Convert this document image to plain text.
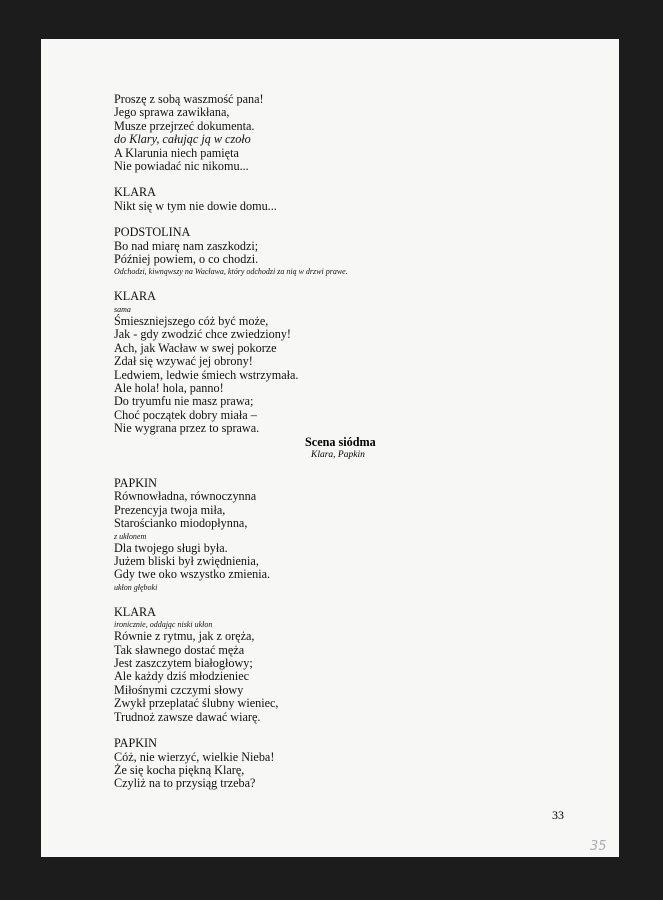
Proszę z sobą waszmość pana!
Jego sprawa zawikłana,
Musze przejrzeć dokumenta.
do Klary, całując ją w czoło
A Klarunia niech pamięta
Nie powiadać nic nikomu...
KLARA
Nikt się w tym nie dowie domu...
PODSTOLINA
Bo nad miarę nam zaszkodzi;
Później powiem, o co chodzi.
Odchodzi, kiwnąwszy na Wacława, który odchodzi za nią w drzwi prawe.
KLARA
sama
Śmieszniejszego cóż być może,
Jak - gdy zwodzić chce zwiedziony!
Ach, jak Wacław w swej pokorze
Zdał się wzywać jej obrony!
Ledwiem, ledwie śmiech wstrzymała.
Ale hola! hola, panno!
Do tryumfu nie masz prawa;
Choć początek dobry miała –
Nie wygrana przez to sprawa.
Scena siódma
Klara, Papkin
PAPKIN
Równowładna, równoczynna
Prezencyja twoja miła,
Starościanko miodopłynna,
z ukłonem
Dla twojego sługi była.
Jużem bliski był zwiędnienia,
Gdy twe oko wszystko zmienia.
ukłon głęboki
KLARA
ironicznie, oddając niski ukłon
Równie z rytmu, jak z oręża,
Tak sławnego dostać męża
Jest zaszczytem białogłowy;
Ale każdy dziś młodzieniec
Miłośnymi czczymi słowy
Zwykł przeplatać ślubny wieniec,
Trudnoż zawsze dawać wiarę.
PAPKIN
Cóż, nie wierzyć, wielkie Nieba!
Że się kocha piękną Klarę,
Czyliż na to przysiąg trzeba?
33
35
